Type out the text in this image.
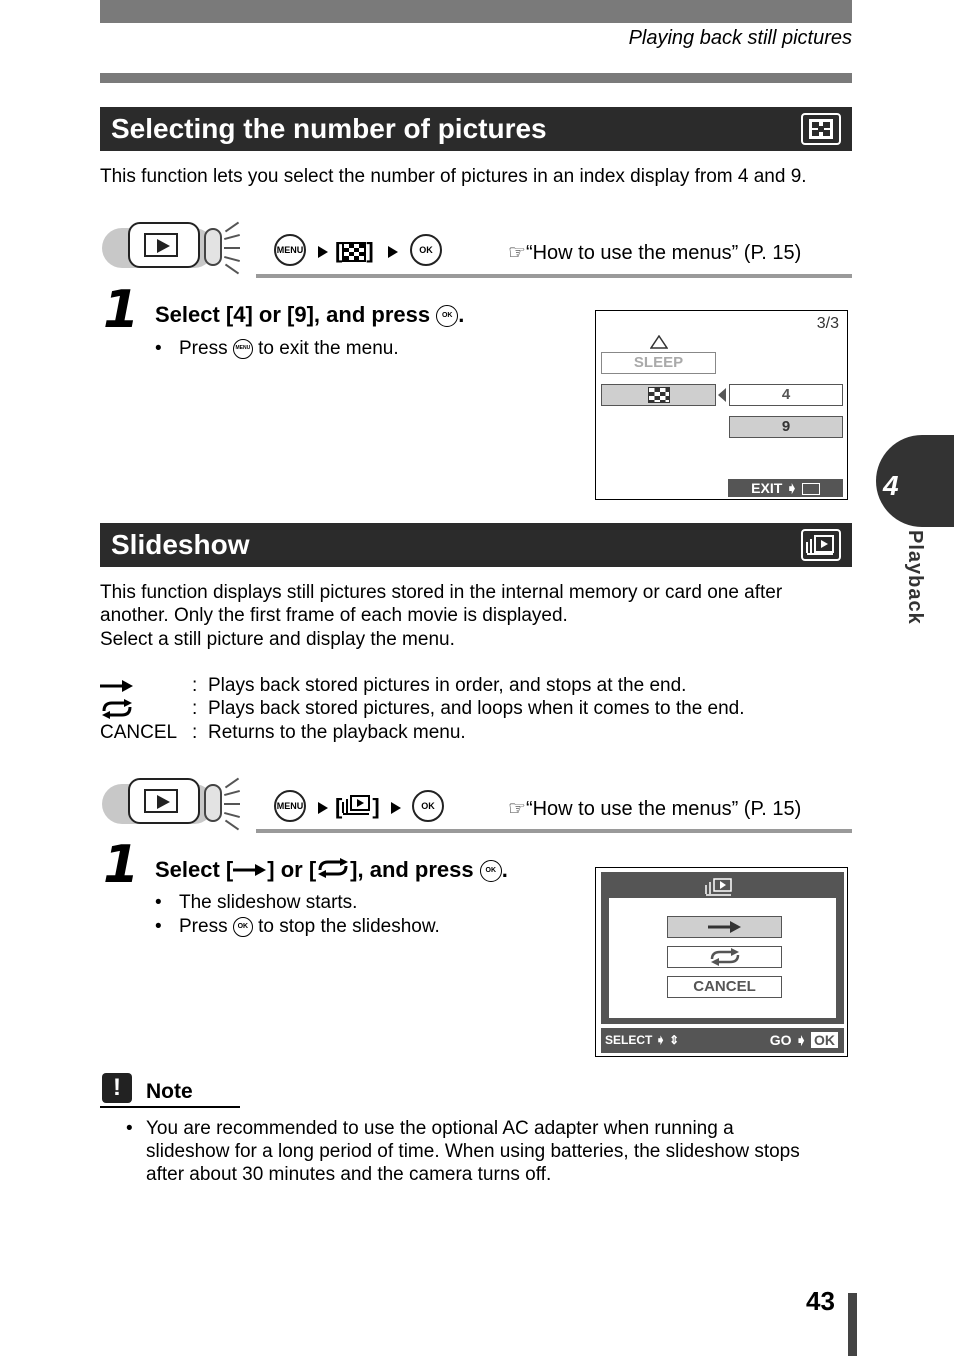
Playing back still pictures
Selecting the number of pictures
This function lets you select the number of pictures in an index display from 4 and 9.
MENU [ ]	OK	☞“How to use the menus” (P. 15)
1 Select [4] or [9], and press OK .
• Press MENU to exit the menu.
3/3
SLEEP
4
9
EXIT ➧
Slideshow
This function displays still pictures stored in the internal memory or card one after
another. Only the first frame of each movie is displayed.
Select a still picture and display the menu.
: Plays back stored pictures in order, and stops at the end.
: Plays back stored pictures, and loops when it comes to the end.
CANCEL : Returns to the playback menu.
MENU [ ]	OK	☞“How to use the menus” (P. 15)
1 Select [ ] or [ ], and press OK .
• The slideshow starts.
• Press OK to stop the slideshow.
CANCEL
SELECT ➧ ⇕	GO ➧ OK
!	Note
• You are recommended to use the optional AC adapter when running a
slideshow for a long period of time. When using batteries, the slideshow stops
after about 30 minutes and the camera turns off.
4
Playback
43
